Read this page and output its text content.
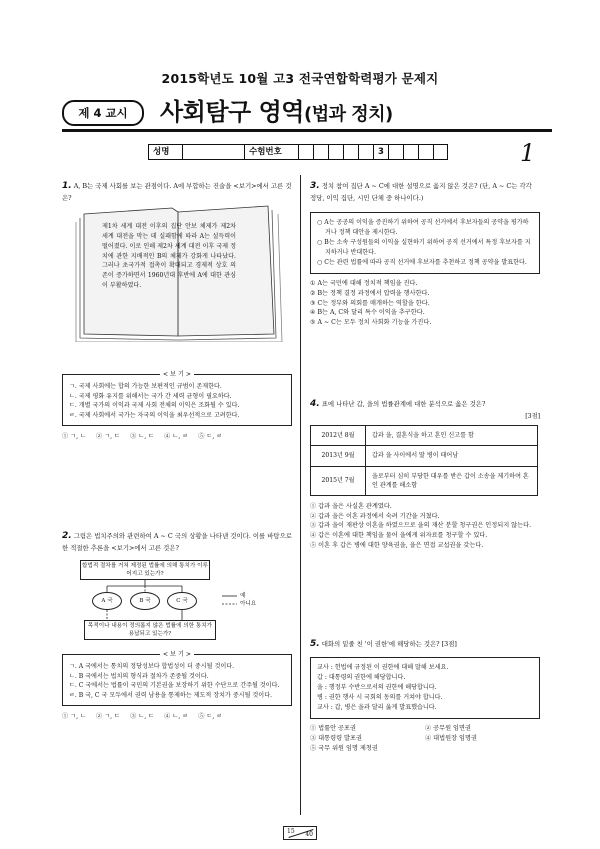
2015학년도 10월 고3 전국연합학력평가 문제지
제 4 교시	사회탐구 영역(법과 정치)
성명	수험번호	3	1
1. A, B는 국제 사회를 보는 관점이다. A에 부합하는 진술을 <보기>에서 고른 것은?
제1차 세계 대전 이후의 집단 안보 체제가 제2차 세계 대전을 막는 데 실패함에 따라 A는 설득력이 떨어졌다. 이로 인해 제2차 세계 대전 이후 국제 정치에 관한 지배적인 B의 체제가 강화게 나타났다. 그러나 초국가적 접촉이 확대되고 경제적 상호 의존이 증가하면서 1960년대 후반에 A에 대한 관심이 부활하였다.
< 보 기 >
ㄱ. 국제 사회에는 합의 가능한 보편적인 규범이 존재한다.
ㄴ. 국제 평화 유지를 위해서는 국가 간 세력 균형이 필요하다.
ㄷ. 개별 국가의 이익과 국제 사회 전체의 이익은 조화될 수 있다.
ㄹ. 국제 사회에서 국가는 자국의 이익을 최우선적으로 고려한다.
① ㄱ, ㄴ ② ㄱ, ㄷ ③ ㄴ, ㄷ ④ ㄴ, ㄹ ⑤ ㄷ, ㄹ
2. 그림은 법치주의와 관련하여 A ~ C 국의 상황을 나타낸 것이다. 이를 바탕으로 한 적절한 추론을 <보기>에서 고른 것은?
합법적 절차를 거쳐 제정된 법률에 의해 통치가 이루어지고 있는가?
목적이나 내용이 정의롭지 않은 법률에 의한 통치가 용납되고 있는가?
A 국	B 국	C 국
예
아니요
< 보 기 >
ㄱ. A 국에서는 통치의 정당성보다 합법성이 더 중시될 것이다.
ㄴ. B 국에서는 법치의 형식과 절차가 존중될 것이다.
ㄷ. C 국에서는 법률이 국민의 기본권을 보장하기 위한 수단으로 간주될 것이다.
ㄹ. B 국, C 국 모두에서 권력 남용을 통제하는 제도적 장치가 중시될 것이다.
① ㄱ, ㄴ ② ㄱ, ㄷ ③ ㄴ, ㄷ ④ ㄴ, ㄹ ⑤ ㄷ, ㄹ
3. 정치 참여 집단 A ~ C에 대한 설명으로 옳지 않은 것은? (단, A ~ C는 각각 정당, 이익 집단, 시민 단체 중 하나이다.)
○ A는 공공의 이익을 증진하기 위하여 공직 선거에서 후보자들의 공약을 평가하거나 정책 대안을 제시한다.
○ B는 소속 구성원들의 이익을 실현하기 위하여 공직 선거에서 특정 후보자를 지지하거나 반대한다.
○ C는 관련 법률에 따라 공직 선거에 후보자를 추천하고 정책 공약을 발표한다.
① A는 국민에 대해 정치적 책임을 진다.
② B는 정책 결정 과정에서 압력을 행사한다.
③ C는 정부와 의회를 매개하는 역할을 한다.
④ B는 A, C와 달리 특수 이익을 추구한다.
⑤ A ~ C는 모두 정치 사회화 기능을 가진다.
4. 표에 나타난 갑, 을의 법률관계에 대한 분석으로 옳은 것은?
[3점]
2012년 8월	갑과 을, 결혼식을 하고 혼인 신고를 함
2013년 9월	갑과 을 사이에서 딸 병이 태어남
2015년 7월	을로부터 심히 부당한 대우를 받은 갑이 소송을 제기하여 혼인 관계를 해소함
① 갑과 을은 사실혼 관계였다.
② 갑과 을은 이혼 과정에서 숙려 기간을 거쳤다.
③ 갑과 을이 재판상 이혼을 하였으므로 을의 재산 분할 청구권은 인정되지 않는다.
④ 갑은 이혼에 대한 책임을 물어 을에게 위자료를 청구할 수 있다.
⑤ 이혼 후 갑은 병에 대한 양육권을, 을은 면접 교섭권을 갖는다.
5. 대화의 밑줄 친 '이 권한'에 해당하는 것은? [3점]
교사 : 헌법에 규정된 이 권한에 대해 말해 보세요.
갑 : 대통령의 권한에 해당합니다.
을 : 행정부 수반으로서의 권한에 해당합니다.
병 : 권한 행사 시 국회의 동의를 거쳐야 합니다.
교사 : 갑, 병은 을과 달리 옳게 발표했습니다.
① 법률안 공포권	② 공무원 임면권
③ 대통령령 발포권	④ 대법원장 임명권
⑤ 국무 위원 임명 제청권
15 40
